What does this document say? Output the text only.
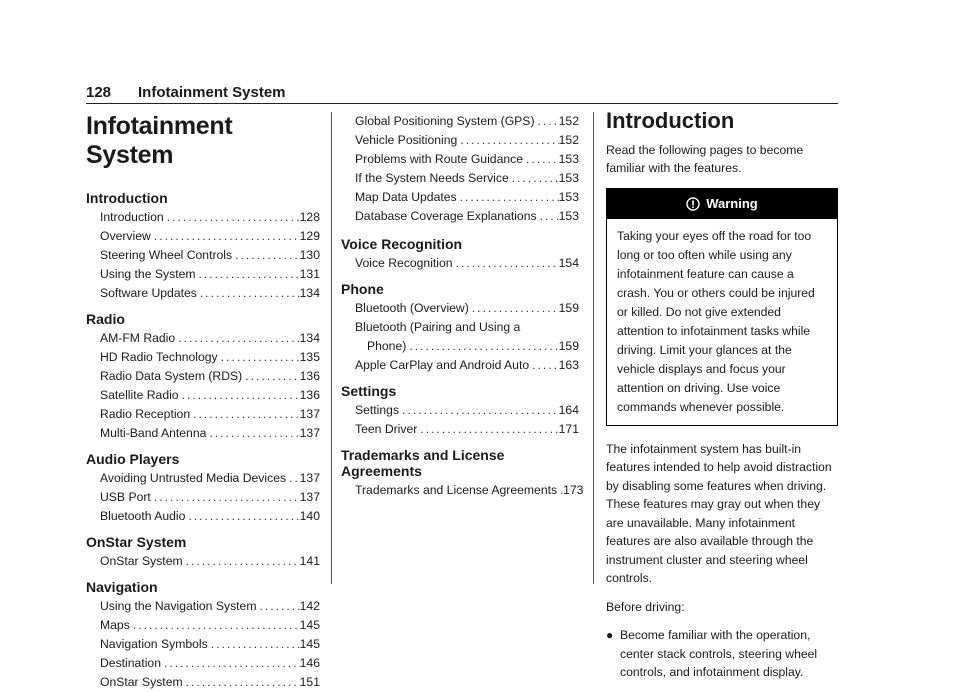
128 Infotainment System
Infotainment System
Introduction
Introduction .....	128
Overview .....	129
Steering Wheel Controls .....	130
Using the System .....	131
Software Updates .....	134
Radio
AM-FM Radio .....	134
HD Radio Technology .....	135
Radio Data System (RDS) .....	136
Satellite Radio .....	136
Radio Reception .....	137
Multi-Band Antenna .....	137
Audio Players
Avoiding Untrusted Media Devices ..... 137
USB Port .....	137
Bluetooth Audio .....	140
OnStar System
OnStar System .....	141
Navigation
Using the Navigation System .....	142
Maps .....	145
Navigation Symbols .....	145
Destination .....	146
OnStar System .....	151
Global Positioning System (GPS) ..... 152
Vehicle Positioning .....	152
Problems with Route Guidance .....	153
If the System Needs Service .....	153
Map Data Updates .....	153
Database Coverage Explanations ..... 153
Voice Recognition
Voice Recognition .....	154
Phone
Bluetooth (Overview) .....	159
Bluetooth (Pairing and Using a
Phone) .....	159
Apple CarPlay and Android Auto ..... 163
Settings
Settings .....	164
Teen Driver .....	171
Trademarks and License Agreements
Trademarks and License Agreements ..... 173
Introduction

Read the following pages to become familiar with the features.

Warning
Taking your eyes off the road for too long or too often while using any infotainment feature can cause a crash. You or others could be injured or killed. Do not give extended attention to infotainment tasks while driving. Limit your glances at the vehicle displays and focus your attention on driving. Use voice commands whenever possible.

The infotainment system has built-in features intended to help avoid distraction by disabling some features when driving. These features may gray out when they are unavailable. Many infotainment features are also available through the instrument cluster and steering wheel controls.

Before driving:

● Become familiar with the operation, center stack controls, steering wheel controls, and infotainment display.
